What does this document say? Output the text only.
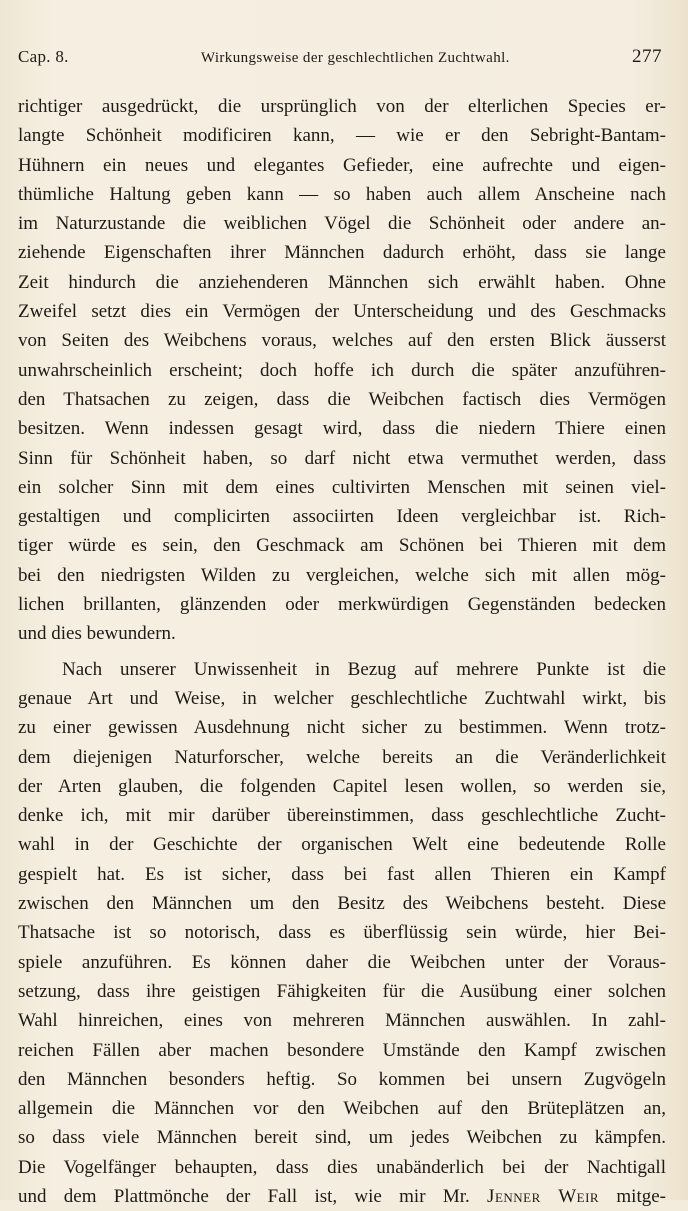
Cap. 8.	Wirkungsweise der geschlechtlichen Zuchtwahl.	277
richtiger ausgedrückt, die ursprünglich von der elterlichen Species er-
langte Schönheit modificiren kann, — wie er den Sebright-Bantam-
Hühnern ein neues und elegantes Gefieder, eine aufrechte und eigen-
thümliche Haltung geben kann — so haben auch allem Anscheine nach
im Naturzustande die weiblichen Vögel die Schönheit oder andere an-
ziehende Eigenschaften ihrer Männchen dadurch erhöht, dass sie lange
Zeit hindurch die anziehenderen Männchen sich erwählt haben. Ohne
Zweifel setzt dies ein Vermögen der Unterscheidung und des Geschmacks
von Seiten des Weibchens voraus, welches auf den ersten Blick äusserst
unwahrscheinlich erscheint; doch hoffe ich durch die später anzuführen-
den Thatsachen zu zeigen, dass die Weibchen factisch dies Vermögen
besitzen. Wenn indessen gesagt wird, dass die niedern Thiere einen
Sinn für Schönheit haben, so darf nicht etwa vermuthet werden, dass
ein solcher Sinn mit dem eines cultivirten Menschen mit seinen viel-
gestaltigen und complicirten associirten Ideen vergleichbar ist. Rich-
tiger würde es sein, den Geschmack am Schönen bei Thieren mit dem
bei den niedrigsten Wilden zu vergleichen, welche sich mit allen mög-
lichen brillanten, glänzenden oder merkwürdigen Gegenständen bedecken
und dies bewundern.
Nach unserer Unwissenheit in Bezug auf mehrere Punkte ist die
genaue Art und Weise, in welcher geschlechtliche Zuchtwahl wirkt, bis
zu einer gewissen Ausdehnung nicht sicher zu bestimmen. Wenn trotz-
dem diejenigen Naturforscher, welche bereits an die Veränderlichkeit
der Arten glauben, die folgenden Capitel lesen wollen, so werden sie,
denke ich, mit mir darüber übereinstimmen, dass geschlechtliche Zucht-
wahl in der Geschichte der organischen Welt eine bedeutende Rolle
gespielt hat. Es ist sicher, dass bei fast allen Thieren ein Kampf
zwischen den Männchen um den Besitz des Weibchens besteht. Diese
Thatsache ist so notorisch, dass es überflüssig sein würde, hier Bei-
spiele anzuführen. Es können daher die Weibchen unter der Voraus-
setzung, dass ihre geistigen Fähigkeiten für die Ausübung einer solchen
Wahl hinreichen, eines von mehreren Männchen auswählen. In zahl-
reichen Fällen aber machen besondere Umstände den Kampf zwischen
den Männchen besonders heftig. So kommen bei unsern Zugvögeln
allgemein die Männchen vor den Weibchen auf den Brüteplätzen an,
so dass viele Männchen bereit sind, um jedes Weibchen zu kämpfen.
Die Vogelfänger behaupten, dass dies unabänderlich bei der Nachtigall
und dem Plattmönche der Fall ist, wie mir Mr. Jenner Weir mitge-
